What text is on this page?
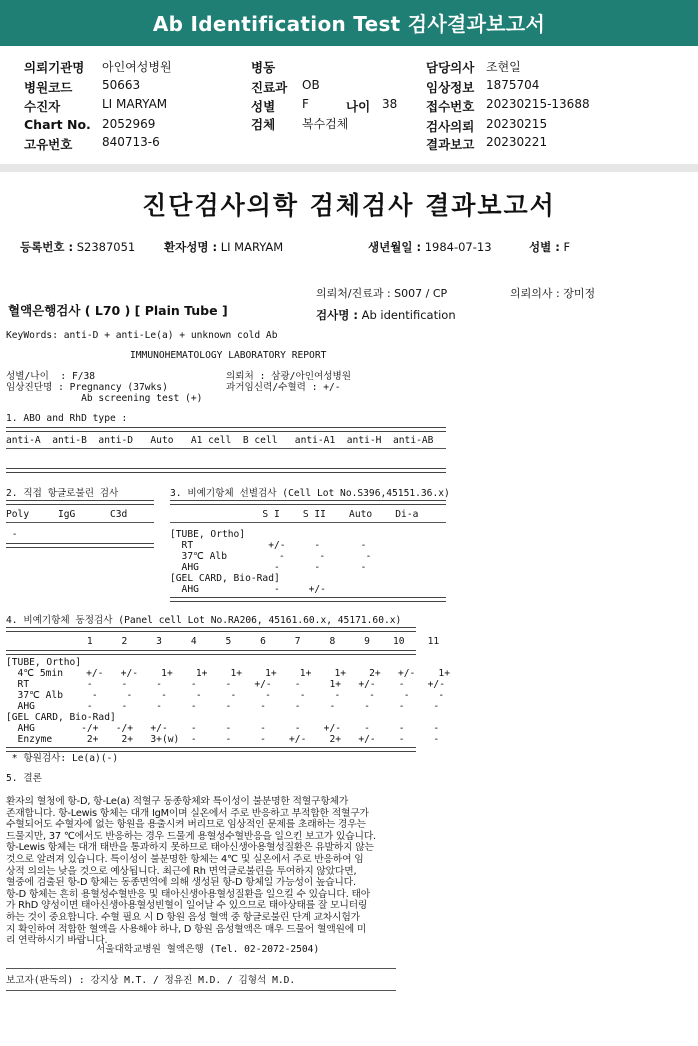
Ab Identification Test 검사결과보고서
의뢰기관명 아인여성병원
병원코드 50663
수진자	LI MARYAM
Chart No. 2052969
고유번호 840713-6
병동
진료과 OB
성별 F	나이 38
검체 복수검체
담당의사 조현일
임상정보 1875704
접수번호 20230215-13688
검사의뢰 20230215
결과보고 20230221
진단검사의학 검체검사 결과보고서
등록번호 : S2387051	환자성명 : LI MARYAM	생년월일 : 1984-07-13	성별 : F
의뢰처/진료과 : S007 / CP	의뢰의사 : 장미정
혈액은행검사 ( L70 ) [ Plain Tube ]	검사명 : Ab identification
KeyWords: anti-D + anti-Le(a) + unknown cold Ab
IMMUNOHEMATOLOGY LABORATORY REPORT
성별/나이  : F/38
임상진단명 : Pregnancy (37wks)
Ab screening test (+)
의뢰처 : 삼광/아인여성병원
과거임신력/수혈력 : +/-
1. ABO and RhD type :
anti-A  anti-B  anti-D   Auto   A1 cell  B cell   anti-A1  anti-H  anti-AB
2. 직접 항글로불린 검사
Poly     IgG      C3d
-
3. 비예기항체 선별검사 (Cell Lot No.S396,45151.36.x)
S I    S II    Auto    Di-a
[TUBE, Ortho]
RT             +/-     -       -
37℃ Alb         -      -       -
AHG             -      -       -
[GEL CARD, Bio-Rad]
AHG             -     +/-
4. 비예기항체 동정검사 (Panel cell Lot No.RA206, 45161.60.x, 45171.60.x)
1     2     3     4     5     6     7     8     9    10    11
[TUBE, Ortho]
4℃ 5min    +/-   +/-    1+    1+    1+    1+    1+    1+    2+   +/-    1+
RT          -     -     -     -     -    +/-    -     1+   +/-    -    +/-
37℃ Alb     -     -     -     -     -     -     -     -     -     -     -
AHG         -     -     -     -     -     -     -     -     -     -     -
[GEL CARD, Bio-Rad]
AHG        -/+   -/+   +/-    -     -     -     -    +/-    -     -     -
Enzyme      2+    2+   3+(w)  -     -     -    +/-    2+   +/-    -     -
* 항원검사: Le(a)(-)
5. 결론

환자의 혈청에 항-D, 항-Le(a) 적혈구 동종항체와 특이성이 불분명한 적혈구항체가

존재합니다. 항-Lewis 항체는 대개 IgM이며 실온에서 주로 반응하고 부적합한 적혈구가

수혈되어도 수혈자에 없는 항원을 용출시켜 버리므로 임상적인 문제를 초래하는 경우는

드물지만, 37 ℃에서도 반응하는 경우 드물게 용혈성수혈반응을 일으킨 보고가 있습니다.

항-Lewis 항체는 대개 태반을 통과하지 못하므로 태아신생아용혈성질환은 유발하지 않는

것으로 알려져 있습니다. 특이성이 불분명한 항체는 4℃ 및 실온에서 주로 반응하여 임

상적 의의는 낮을 것으로 예상됩니다. 최근에 Rh 면역글로불린을 투여하지 않았다면,

혈중에 검출된 항-D 항체는 동종면역에 의해 생성된 항-D 항체일 가능성이 높습니다.

항-D 항체는 흔히 용혈성수혈반응 및 태아신생아용혈성질환을 일으킬 수 있습니다. 태아

가 RhD 양성이면 태아신생아용혈성빈혈이 일어날 수 있으므로 태아상태를 잘 모니터링

하는 것이 중요합니다. 수혈 필요 시 D 항원 음성 혈액 중 항글로불린 단계 교차시험가

지 확인하여 적합한 혈액을 사용해야 하나, D 항원 음성혈액은 매우 드물어 혈액원에 미

리 연락하시기 바랍니다.

서울대학교병원 혈액은행 (Tel. 02-2072-2504)
보고자(판독의) : 강지상 M.T. / 정유진 M.D. / 김형석 M.D.
